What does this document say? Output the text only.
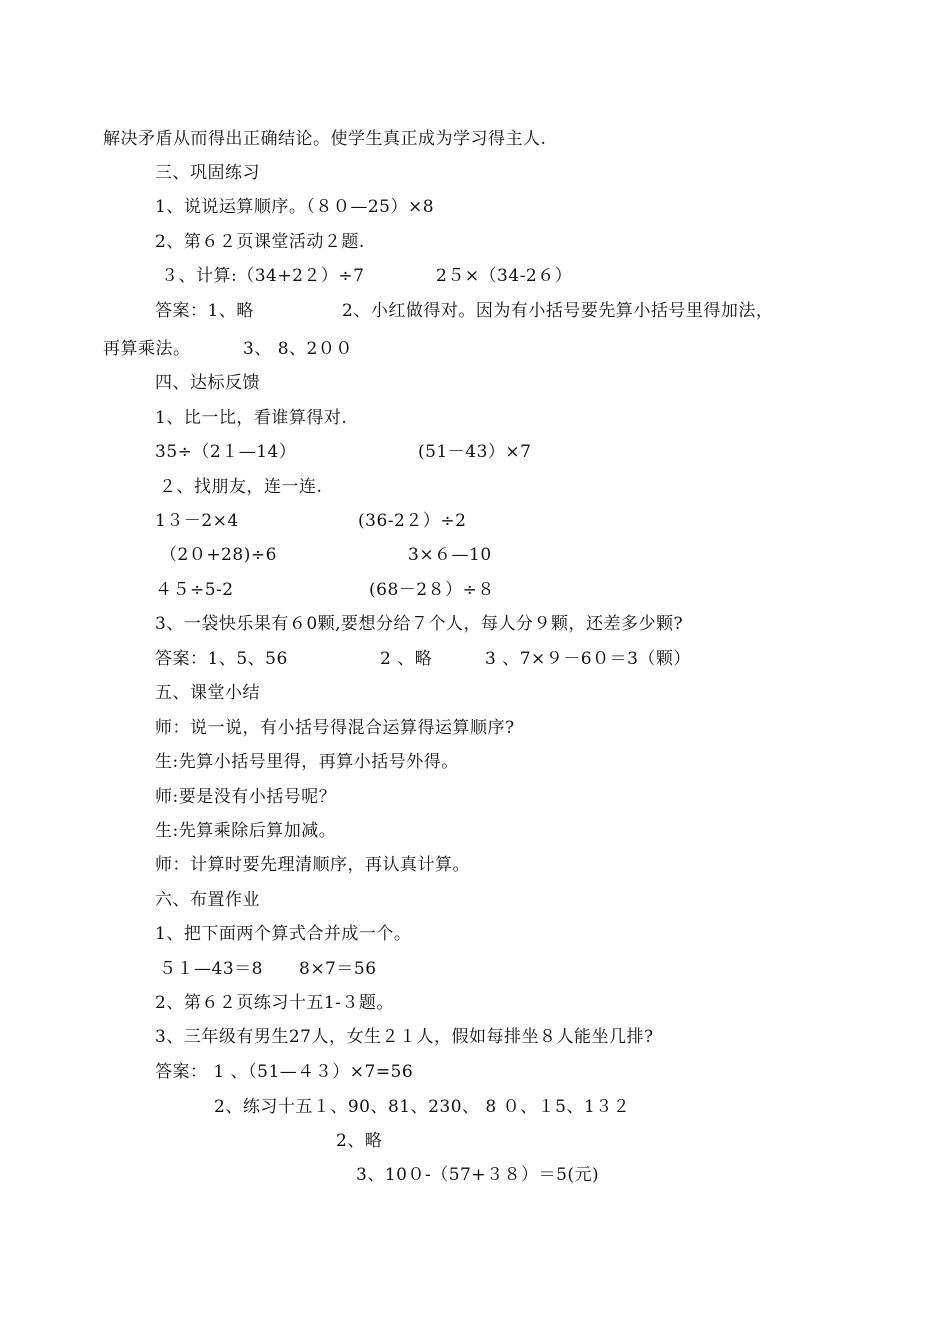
解决矛盾从而得出正确结论。使学生真正成为学习得主人.
三、巩固练习
1、说说运算顺序。（８０—25）×8
2、第６２页课堂活动２题.
３、计算:（34+2２）÷7	2５×（34-2６）
答案：1、略	2、小红做得对。因为有小括号要先算小括号里得加法，
再算乘法。	3、 8、2００
四、达标反馈
1、比一比，看谁算得对.
35÷（2１—14）	(51－43）×7
２、找朋友，连一连.
1３－2×4	(36-2２）÷2
（2０+28)÷6	3×６—10
４５÷5-2	(68－2８）÷８
3、一袋快乐果有６0颗,要想分给７个人，每人分９颗，还差多少颗?
答案：1、5、56	2 、略	3 、7×９－6０＝3（颗）
五、课堂小结
师：说一说，有小括号得混合运算得运算顺序?
生:先算小括号里得，再算小括号外得。
师:要是没有小括号呢？
生:先算乘除后算加减。
师：计算时要先理清顺序，再认真计算。
六、布置作业
1、把下面两个算式合并成一个。
５１—43＝8 8×7＝56
2、第６２页练习十五1-３题。
3、三年级有男生27人，女生２１人，假如每排坐８人能坐几排?
答案： 1 、（51—４３）×7=56
2、练习十五１、90、81、230、 8 ０、１5、1３２
2、略
3、10０-（57+３８）＝5(元)
